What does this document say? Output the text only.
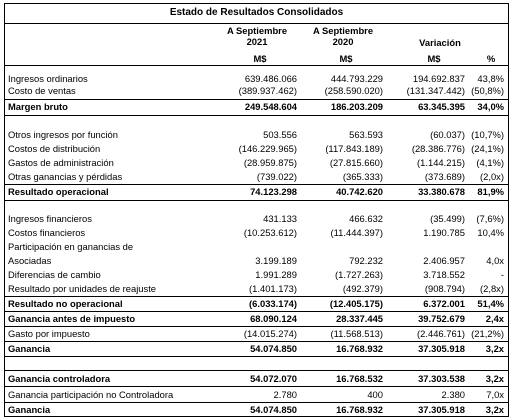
Estado de Resultados Consolidados
A Septiembre
2021
A Septiembre
2020	Variación
M$	M$	M$	%
Ingresos ordinarios	639.486.066	444.793.229	194.692.837	43,8%
Costo de ventas	(389.937.462)	(258.590.020)	(131.347.442) (50,8%)
Margen bruto	249.548.604	186.203.209	63.345.395	34,0%
Otros ingresos por función	503.556	563.593	(60.037) (10,7%)
Costos de distribución	(146.229.965)	(117.843.189)	(28.386.776) (24,1%)
Gastos de administración	(28.959.875)	(27.815.660)	(1.144.215)	(4,1%)
Otras ganancias y pérdidas	(739.022)	(365.333)	(373.689)	(2,0x)
Resultado operacional	74.123.298	40.742.620	33.380.678	81,9%
Ingresos financieros	431.133	466.632	(35.499)	(7,6%)
Costos financieros	(10.253.612)	(11.444.397)	1.190.785	10,4%
Participación en ganancias de
Asociadas	3.199.189	792.232	2.406.957	4,0x
Diferencias de cambio	1.991.289	(1.727.263)	3.718.552	-
Resultado por unidades de reajuste	(1.401.173)	(492.379)	(908.794)	(2,8x)
Resultado no operacional	(6.033.174)	(12.405.175)	6.372.001	51,4%
Ganancia antes de impuesto	68.090.124	28.337.445	39.752.679	2,4x
Gasto por impuesto	(14.015.274)	(11.568.513)	(2.446.761) (21,2%)
Ganancia	54.074.850	16.768.932	37.305.918	3,2x
Ganancia controladora	54.072.070	16.768.532	37.303.538	3,2x
Ganancia participación no Controladora	2.780	400	2.380	7,0x
Ganancia	54.074.850	16.768.932	37.305.918	3,2x
